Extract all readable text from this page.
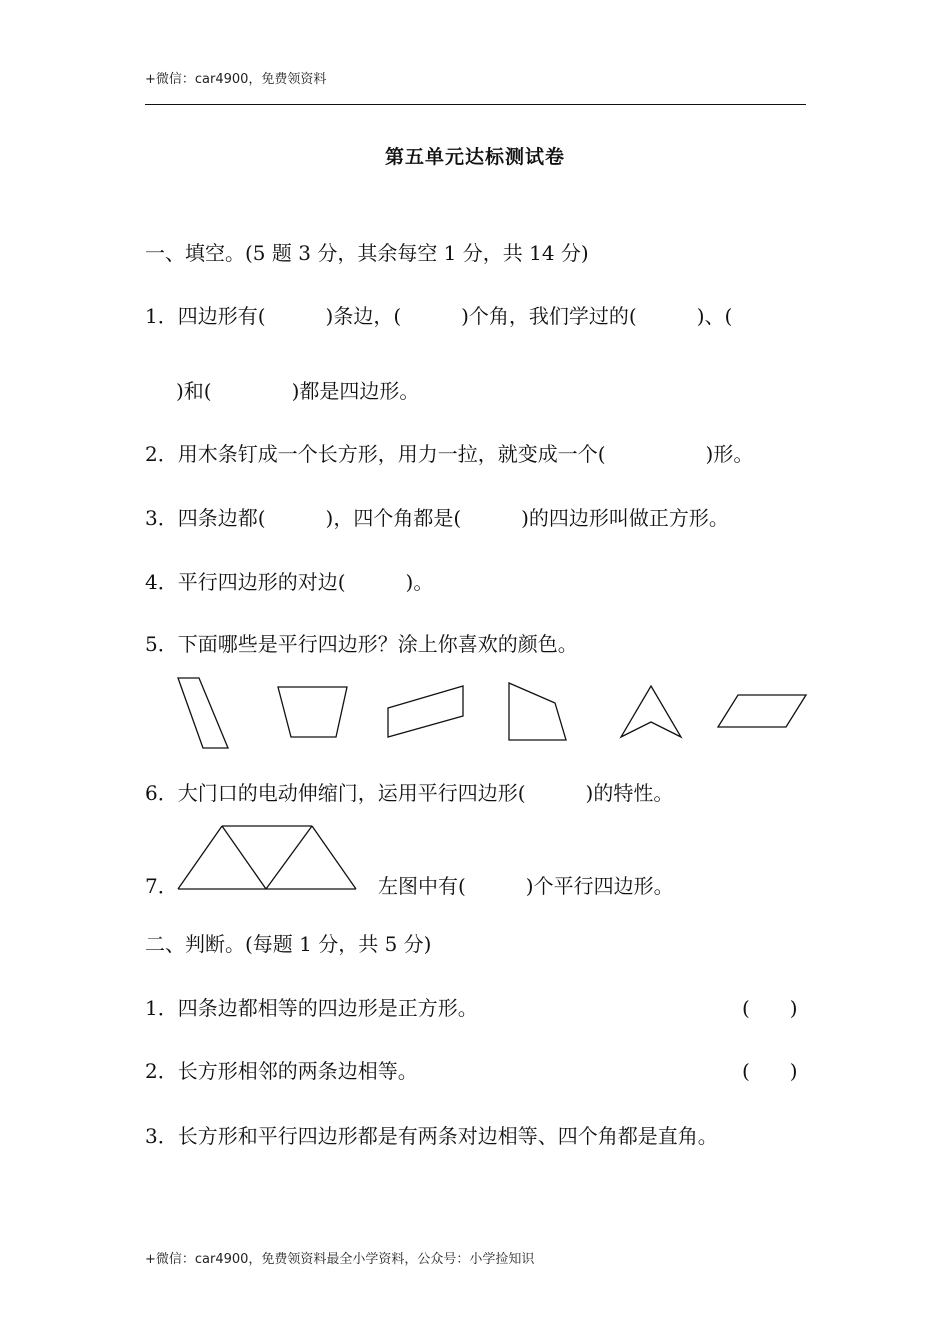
+微信：car4900，免费领资料
第五单元达标测试卷
一、填空。(5 题 3 分，其余每空 1 分，共 14 分)
1．四边形有(　　　)条边，(　　　)个角，我们学过的(　　　)、(
)和(　　　　)都是四边形。
2．用木条钉成一个长方形，用力一拉，就变成一个(　　　　　)形。
3．四条边都(　　　)，四个角都是(　　　)的四边形叫做正方形。
4．平行四边形的对边(　　　)。
5．下面哪些是平行四边形？涂上你喜欢的颜色。
6．大门口的电动伸缩门，运用平行四边形(　　　)的特性。
7．	左图中有(　　　)个平行四边形。
二、判断。(每题 1 分，共 5 分)
1．四条边都相等的四边形是正方形。	(　　)
2．长方形相邻的两条边相等。	(　　)
3．长方形和平行四边形都是有两条对边相等、四个角都是直角。
+微信：car4900，免费领资料最全小学资料，公众号：小学捡知识
